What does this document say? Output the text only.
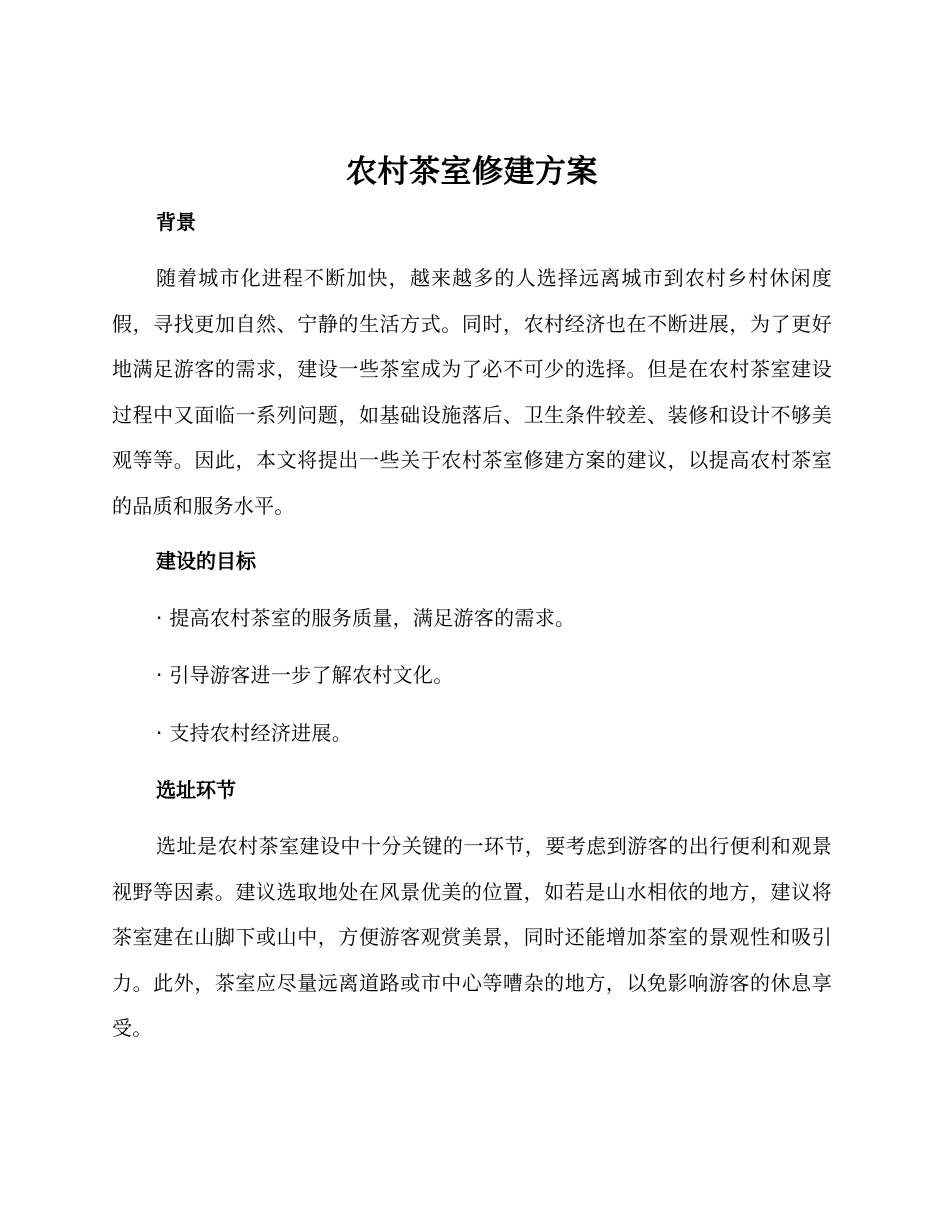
农村茶室修建方案
背景

随着城市化进程不断加快，越来越多的人选择远离城市到农村乡村休闲度假，寻找更加自然、宁静的生活方式。同时，农村经济也在不断进展，为了更好地满足游客的需求，建设一些茶室成为了必不可少的选择。但是在农村茶室建设过程中又面临一系列问题，如基础设施落后、卫生条件较差、装修和设计不够美观等等。因此，本文将提出一些关于农村茶室修建方案的建议，以提高农村茶室的品质和服务水平。

建设的目标
· 提高农村茶室的服务质量，满足游客的需求。
· 引导游客进一步了解农村文化。
· 支持农村经济进展。
选址环节

选址是农村茶室建设中十分关键的一环节，要考虑到游客的出行便利和观景视野等因素。建议选取地处在风景优美的位置，如若是山水相依的地方，建议将茶室建在山脚下或山中，方便游客观赏美景，同时还能增加茶室的景观性和吸引力。此外，茶室应尽量远离道路或市中心等嘈杂的地方，以免影响游客的休息享受。
